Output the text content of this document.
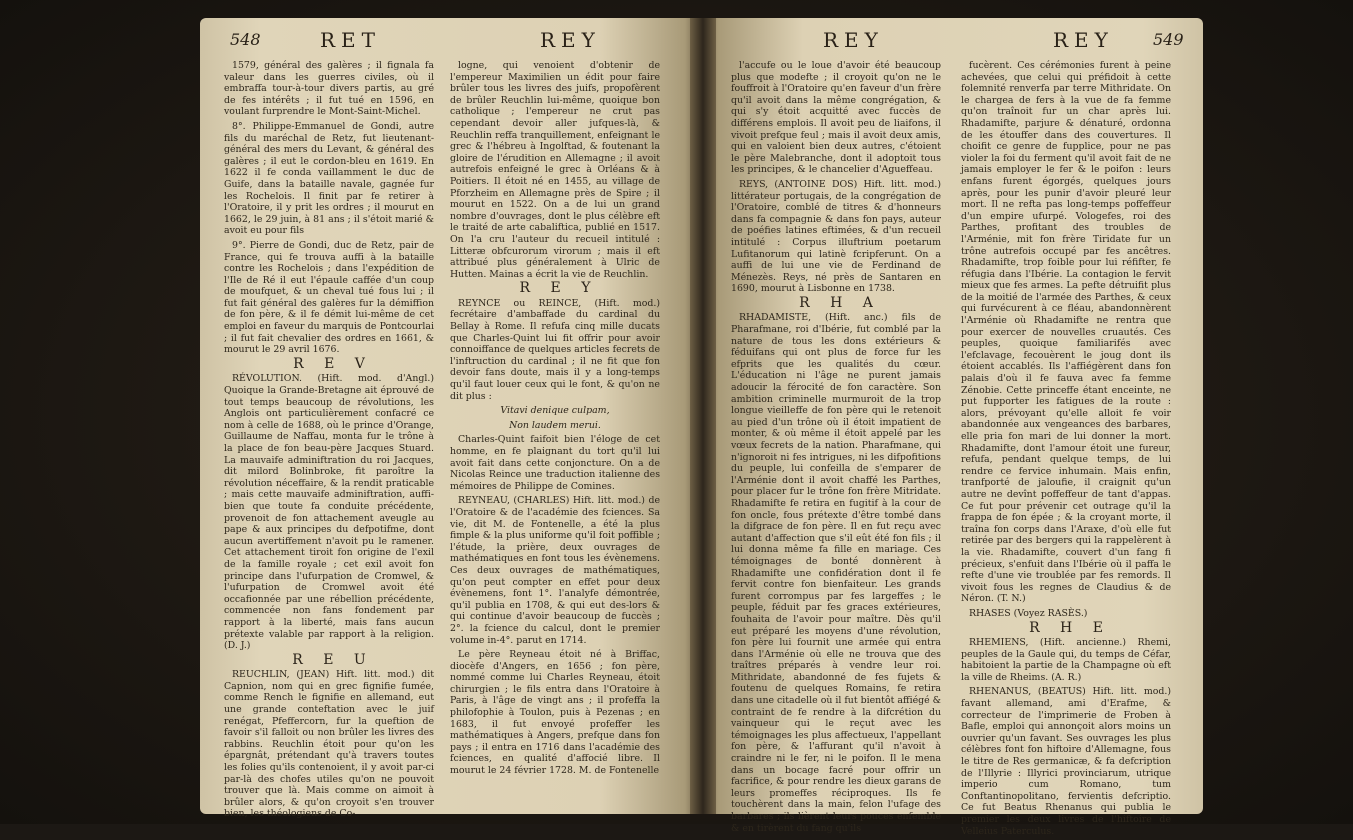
548	RET	REY

1579, général des galères ; il fignala fa valeur dans les guerres civiles, où il embraffa tour-à-tour divers partis, au gré de fes intérêts ; il fut tué en 1596, en voulant furprendre le Mont-Saint-Michel.

8°. Philippe-Emmanuel de Gondi, autre fils du maréchal de Retz, fut lieutenant-général des mers du Levant, & général des galères ; il eut le cordon-bleu en 1619. En 1622 il fe conda vaillamment le duc de Guife, dans la bataille navale, gagnée fur les Rochelois. Il finit par fe retirer à l'Oratoire, il y prit les ordres ; il mourut en 1662, le 29 juin, à 81 ans ; il s'étoit marié & avoit eu pour fils

9°. Pierre de Gondi, duc de Retz, pair de France, qui fe trouva auffi à la bataille contre les Rochelois ; dans l'expédition de l'Ile de Ré il eut l'épaule caffée d'un coup de moufquet, & un cheval tué fous lui ; il fut fait général des galères fur la démiffion de fon père, & il fe démit lui-même de cet emploi en faveur du marquis de Pontcourlai ; il fut fait chevalier des ordres en 1661, & mourut le 29 avril 1676.

R E V

RÉVOLUTION. (Hift. mod. d'Angl.) Quoique la Grande-Bretagne ait éprouvé de tout temps beaucoup de révolutions, les Anglois ont particulièrement confacré ce nom à celle de 1688, où le prince d'Orange, Guillaume de Naffau, monta fur le trône à la place de fon beau-père Jacques Stuard. La mauvaife adminiftration du roi Jacques, dit milord Bolinbroke, fit paroître la révolution néceffaire, & la rendit praticable ; mais cette mauvaife adminiftration, auffi-bien que toute fa conduite précédente, provenoit de fon attachement aveugle au pape & aux principes du defpotifme, dont aucun avertiffement n'avoit pu le ramener. Cet attachement tiroit fon origine de l'exil de la famille royale ; cet exil avoit fon principe dans l'ufurpation de Cromwel, & l'ufurpation de Cromwel avoit été occafionnée par une rébellion précédente, commencée non fans fondement par rapport à la liberté, mais fans aucun prétexte valable par rapport à la religion. (D. J.)

R E U

REUCHLIN, (JEAN) Hift. litt. mod.) dit Capnion, nom qui en grec fignifie fumée, comme Rench le fignifie en allemand, eut une grande conteftation avec le juif renégat, Pfeffercorn, fur la queftion de favoir s'il falloit ou non brûler les livres des rabbins. Reuchlin étoit pour qu'on les épargnât, prétendant qu'à travers toutes les folies qu'ils contenoient, il y avoit par-ci par-là des chofes utiles qu'on ne pouvoit trouver que là. Mais comme on aimoit à brûler alors, & qu'on croyoit s'en trouver bien, les théologiens de Co-

logne, qui venoient d'obtenir de l'empereur Maximilien un édit pour faire brûler tous les livres des juifs, propofèrent de brûler Reuchlin lui-même, quoique bon catholique ; l'empereur ne crut pas cependant devoir aller jufques-là, & Reuchlin reffa tranquillement, enfeignant le grec & l'hébreu à Ingolftad, & foutenant la gloire de l'érudition en Allemagne ; il avoit autrefois enfeigné le grec à Orléans & à Poitiers. Il étoit né en 1455, au village de Pforzheim en Allemagne près de Spire ; il mourut en 1522. On a de lui un grand nombre d'ouvrages, dont le plus célèbre eft le traité de arte cabaliftica, publié en 1517. On l'a cru l'auteur du recueil intitulé : Litteræ obfcurorum virorum ; mais il eft attribué plus généralement à Ulric de Hutten. Mainas a écrit la vie de Reuchlin.

R E Y

REYNCE ou REINCE, (Hift. mod.) fecrétaire d'ambaffade du cardinal du Bellay à Rome. Il refufa cinq mille ducats que Charles-Quint lui fit offrir pour avoir connoiffance de quelques articles fecrets de l'inftruction du cardinal ; il ne fit que fon devoir fans doute, mais il y a long-temps qu'il faut louer ceux qui le font, & qu'on ne dit plus :

Vitavi denique culpam,

Non laudem merui.

Charles-Quint faifoit bien l'éloge de cet homme, en fe plaignant du tort qu'il lui avoit fait dans cette conjoncture. On a de Nicolas Reince une traduction italienne des mémoires de Philippe de Comines.

REYNEAU, (CHARLES) Hift. litt. mod.) de l'Oratoire & de l'académie des fciences. Sa vie, dit M. de Fontenelle, a été la plus fimple & la plus uniforme qu'il foit poffible ; l'étude, la prière, deux ouvrages de mathématiques en font tous les évènemens. Ces deux ouvrages de mathématiques, qu'on peut compter en effet pour deux évènemens, font 1°. l'analyfe démontrée, qu'il publia en 1708, & qui eut des-lors & qui continue d'avoir beaucoup de fuccès ; 2°. la fcience du calcul, dont le premier volume in-4°. parut en 1714.

Le père Reyneau étoit né à Briffac, diocèfe d'Angers, en 1656 ; fon père, nommé comme lui Charles Reyneau, étoit chirurgien ; le fils entra dans l'Oratoire à Paris, à l'âge de vingt ans ; il profeffa la philofophie à Toulon, puis à Pezenas ; en 1683, il fut envoyé profeffer les mathématiques à Angers, prefque dans fon pays ; il entra en 1716 dans l'académie des fciences, en qualité d'affocié libre. Il mourut le 24 février 1728. M. de Fontenelle

REY	REY 549

l'accufe ou le loue d'avoir été beaucoup plus que modefte ; il croyoit qu'on ne le fouffroit à l'Oratoire qu'en faveur d'un frère qu'il avoit dans la même congrégation, & qui s'y étoit acquitté avec fuccès de différens emplois. Il avoit peu de liaifons, il vivoit prefque feul ; mais il avoit deux amis, qui en valoient bien deux autres, c'étoient le père Malebranche, dont il adoptoit tous les principes, & le chancelier d'Agueffeau.

REYS, (ANTOINE DOS) Hift. litt. mod.) littérateur portugais, de la congrégation de l'Oratoire, comblé de titres & d'honneurs dans fa compagnie & dans fon pays, auteur de poéfies latines eftimées, & d'un recueil intitulé : Corpus illuftrium poetarum Lufitanorum qui latinè fcripferunt. On a auffi de lui une vie de Ferdinand de Ménezès. Reys, né près de Santaren en 1690, mourut à Lisbonne en 1738.

R H A

RHADAMISTE, (Hift. anc.) fils de Pharafmane, roi d'Ibérie, fut comblé par la nature de tous les dons extérieurs & féduifans qui ont plus de force fur les efprits que les qualités du cœur. L'éducation ni l'âge ne purent jamais adoucir la férocité de fon caractère. Son ambition criminelle murmuroit de la trop longue vieilleffe de fon père qui le retenoit au pied d'un trône où il étoit impatient de monter, & où même il étoit appelé par les vœux fecrets de la nation. Pharafmane, qui n'ignoroit ni fes intrigues, ni les difpofitions du peuple, lui confeilla de s'emparer de l'Arménie dont il avoit chaffé les Parthes, pour placer fur le trône fon frère Mitridate. Rhadamifte fe retira en fugitif à la cour de fon oncle, fous prétexte d'être tombé dans la difgrace de fon père. Il en fut reçu avec autant d'affection que s'il eût été fon fils ; il lui donna même fa fille en mariage. Ces témoignages de bonté donnèrent à Rhadamifte une confidération dont il fe fervit contre fon bienfaiteur. Les grands furent corrompus par fes largeffes ; le peuple, féduit par fes graces extérieures, fouhaita de l'avoir pour maître. Dès qu'il eut préparé les moyens d'une révolution, fon père lui fournit une armée qui entra dans l'Arménie où elle ne trouva que des traîtres préparés à vendre leur roi. Mithridate, abandonné de fes fujets & foutenu de quelques Romains, fe retira dans une citadelle où il fut bientôt affiégé & contraint de fe rendre à la difcrétion du vainqueur qui le reçut avec les témoignages les plus affectueux, l'appellant fon père, & l'affurant qu'il n'avoit à craindre ni le fer, ni le poifon. Il le mena dans un bocage facré pour offrir un facrifice, & pour rendre les dieux garans de leurs promeffes réciproques. Ils fe touchèrent dans la main, felon l'ufage des barbares ; ils lièrent leurs pouces enfemble & en tirèrent du fang qu'ils

fucèrent. Ces cérémonies furent à peine achevées, que celui qui préfidoit à cette folemnité renverfa par terre Mithridate. On le chargea de fers à la vue de fa femme qu'on traînoit fur un char après lui. Rhadamifte, parjure & dénaturé, ordonna de les étouffer dans des couvertures. Il choifit ce genre de fupplice, pour ne pas violer la foi du ferment qu'il avoit fait de ne jamais employer le fer & le poifon : leurs enfans furent égorgés, quelques jours après, pour les punir d'avoir pleuré leur mort. Il ne refta pas long-temps poffeffeur d'un empire ufurpé. Vologefes, roi des Parthes, profitant des troubles de l'Arménie, mit fon frère Tiridate fur un trône autrefois occupé par fes ancêtres. Rhadamifte, trop foible pour lui réfifter, fe réfugia dans l'Ibérie. La contagion le fervit mieux que fes armes. La pefte détruifit plus de la moitié de l'armée des Parthes, & ceux qui furvécurent à ce fléau, abandonnèrent l'Arménie où Rhadamifte ne rentra que pour exercer de nouvelles cruautés. Ces peuples, quoique familiarifés avec l'efclavage, fecouèrent le joug dont ils étoient accablés. Ils l'affiégèrent dans fon palais d'où il fe fauva avec fa femme Zénobie. Cette princeffe étant enceinte, ne put fupporter les fatigues de la route : alors, prévoyant qu'elle alloit fe voir abandonnée aux vengeances des barbares, elle pria fon mari de lui donner la mort. Rhadamifte, dont l'amour étoit une fureur, refufa, pendant quelque temps, de lui rendre ce fervice inhumain. Mais enfin, tranfporté de jaloufie, il craignit qu'un autre ne devînt poffeffeur de tant d'appas. Ce fut pour prévenir cet outrage qu'il la frappa de fon épée ; & la croyant morte, il traîna fon corps dans l'Araxe, d'où elle fut retirée par des bergers qui la rappelèrent à la vie. Rhadamifte, couvert d'un fang fi précieux, s'enfuit dans l'Ibérie où il paffa le refte d'une vie troublée par fes remords. Il vivoit fous les regnes de Claudius & de Néron. (T. N.)

RHASES (Voyez RASÈS.)

R H E

RHEMIENS, (Hift. ancienne.) Rhemi, peuples de la Gaule qui, du temps de Céfar, habitoient la partie de la Champagne où eft la ville de Rheims. (A. R.)

RHENANUS, (BEATUS) Hift. litt. mod.) favant allemand, ami d'Erafme, & correcteur de l'imprimerie de Froben à Bafle, emploi qui annonçoit alors moins un ouvrier qu'un favant. Ses ouvrages les plus célèbres font fon hiftoire d'Allemagne, fous le titre de Res germanicæ, & fa defcription de l'Illyrie : Illyrici provinciarum, utrique imperio cum Romano, tum Conftantinopolitano, fervientis defcriptio. Ce fut Beatus Rhenanus qui publia le premier les deux livres de l'hiftoire de Velleius Paterculus.
